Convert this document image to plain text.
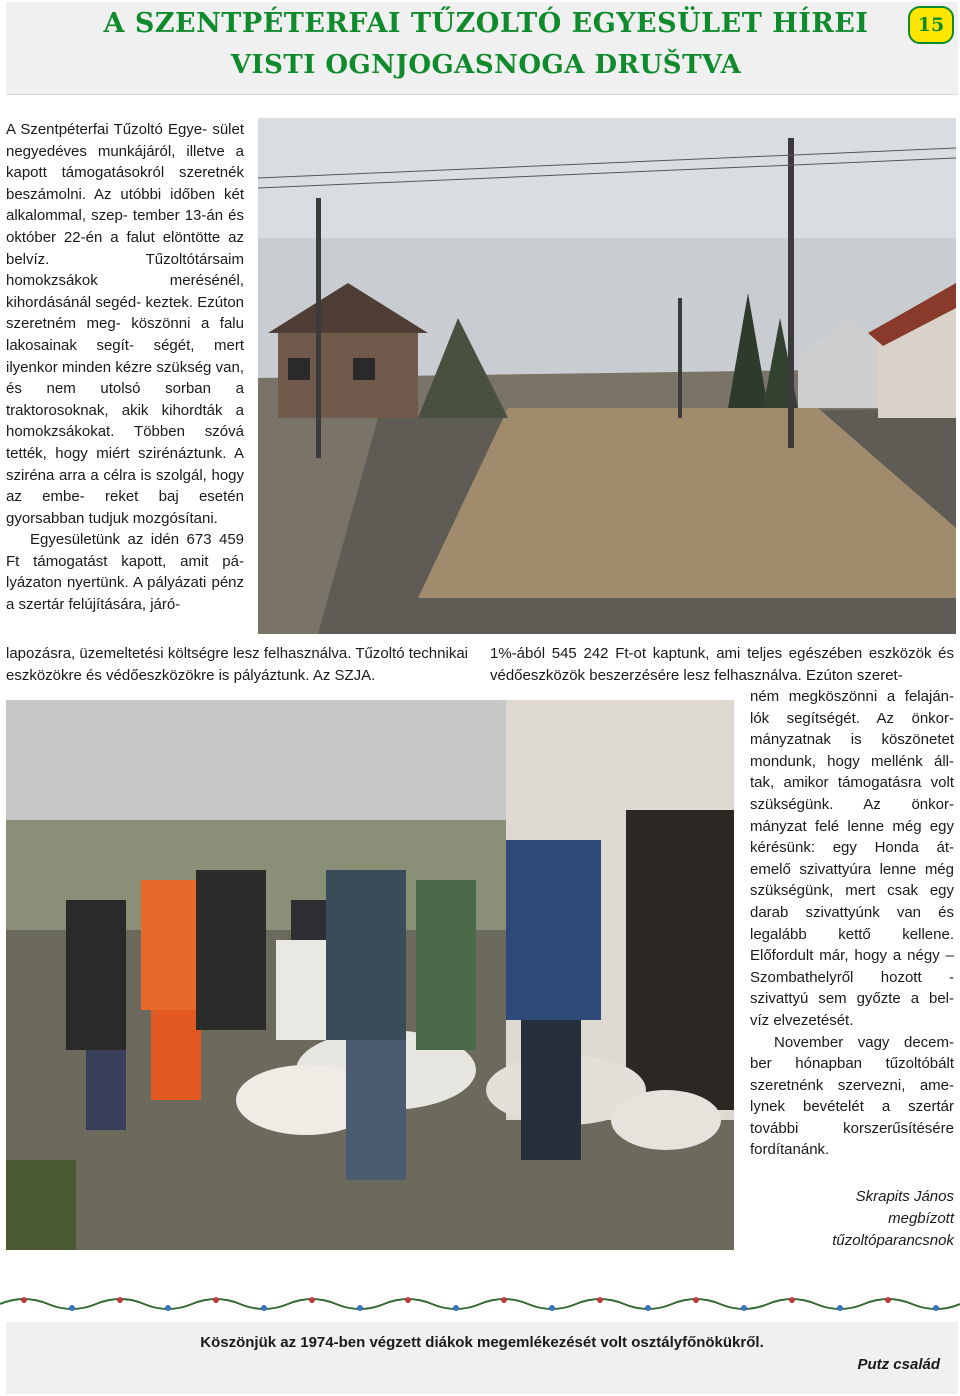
A SZENTPÉTERFAI TŰZOLTÓ EGYESÜLET HÍREI
VISTI OGNJOGASNOGA DRUŠTVA
15

A Szentpéterfai Tűzoltó Egye- sület negyedéves munkájáról, illetve a kapott támogatásokról szeretnék beszámolni. Az utóbbi időben két alkalommal, szep- tember 13-án és október 22-én a falut elöntötte az belvíz.	Tűzoltótársaim homokzsákok	merésénél, kihordásánál segéd- keztek. Ezúton szeretném meg- köszönni a falu lakosainak segít- ségét, mert ilyenkor minden kézre szükség van, és nem utolsó sorban a traktorosoknak, akik kihordták a homokzsákokat. Többen szóvá tették, hogy miért szirénáztunk. A sziréna arra a célra is szolgál, hogy az embe- reket baj esetén gyorsabban tudjuk mozgósítani.

Egyesületünk az idén 673 459 Ft támogatást kapott, amit pá- lyázaton nyertünk. A pályázati pénz a szertár felújítására, járó-

lapozásra, üzemeltetési költségre lesz felhasználva. Tűzoltó technikai eszközökre és védőeszközökre is pályáztunk. Az SZJA.

1%-ából 545 242 Ft-ot kaptunk, ami teljes egészében eszközök és védőeszközök beszerzésére lesz felhasználva. Ezúton szeret-

ném megköszönni a felaján- lók segítségét. Az önkor- mányzatnak is köszönetet mondunk, hogy mellénk áll- tak, amikor támogatásra volt szükségünk. Az önkor- mányzat felé lenne még egy kérésünk: egy Honda át- emelő szivattyúra lenne még szükségünk, mert csak egy darab szivattyúnk van és legalább kettő kellene. Előfordult már, hogy a négy – Szombathelyről hozott - szivattyú sem győzte a bel- víz elvezetését.

November vagy decem- ber hónapban tűzoltóbált szeretnénk szervezni, ame- lynek bevételét a szertár további korszerűsítésére fordítanánk.

Skrapits János
megbízott
tűzoltóparancsnok
Köszönjük az 1974-ben végzett diákok megemlékezését volt osztályfőnökükről.
Putz család
